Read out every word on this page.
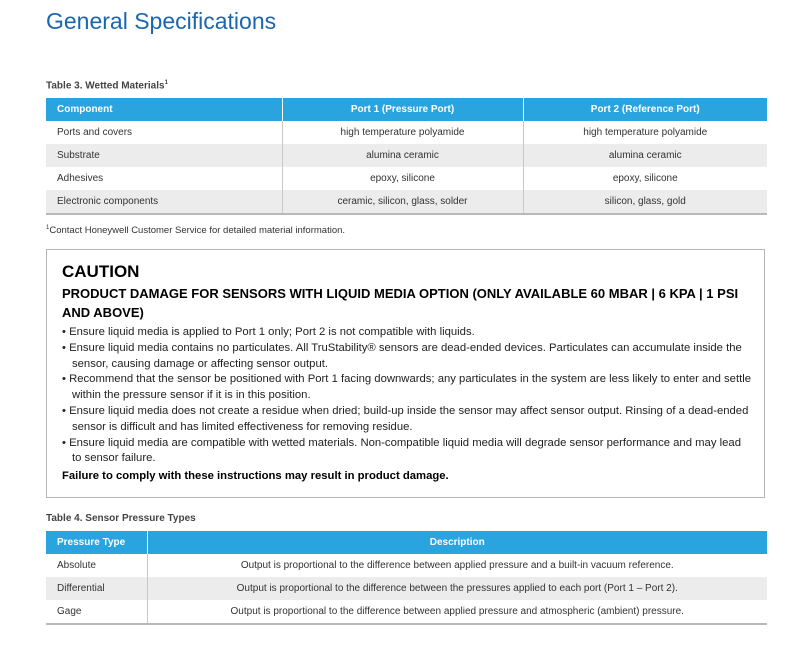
General Specifications
Table 3. Wetted Materials$^1$
Component	Port 1 (Pressure Port)	Port 2 (Reference Port)
Ports and covers	high temperature polyamide	high temperature polyamide
Substrate	alumina ceramic	alumina ceramic
Adhesives	epoxy, silicone	epoxy, silicone
Electronic components	ceramic, silicon, glass, solder	silicon, glass, gold
$^1$Contact Honeywell Customer Service for detailed material information.
CAUTION
PRODUCT DAMAGE FOR SENSORS WITH LIQUID MEDIA OPTION (ONLY AVAILABLE 60 MBAR | 6 KPA | 1 PSI AND ABOVE)
• Ensure liquid media is applied to Port 1 only; Port 2 is not compatible with liquids.
• Ensure liquid media contains no particulates. All TruStability® sensors are dead-ended devices. Particulates can accumulate inside the sensor, causing damage or affecting sensor output.
• Recommend that the sensor be positioned with Port 1 facing downwards; any particulates in the system are less likely to enter and settle within the pressure sensor if it is in this position.
• Ensure liquid media does not create a residue when dried; build-up inside the sensor may affect sensor output. Rinsing of a dead-ended sensor is difficult and has limited effectiveness for removing residue.
• Ensure liquid media are compatible with wetted materials. Non-compatible liquid media will degrade sensor performance and may lead to sensor failure.
Failure to comply with these instructions may result in product damage.
Table 4. Sensor Pressure Types
Pressure Type	Description
Absolute	Output is proportional to the difference between applied pressure and a built-in vacuum reference.
Differential	Output is proportional to the difference between the pressures applied to each port (Port 1 – Port 2).
Gage	Output is proportional to the difference between applied pressure and atmospheric (ambient) pressure.
